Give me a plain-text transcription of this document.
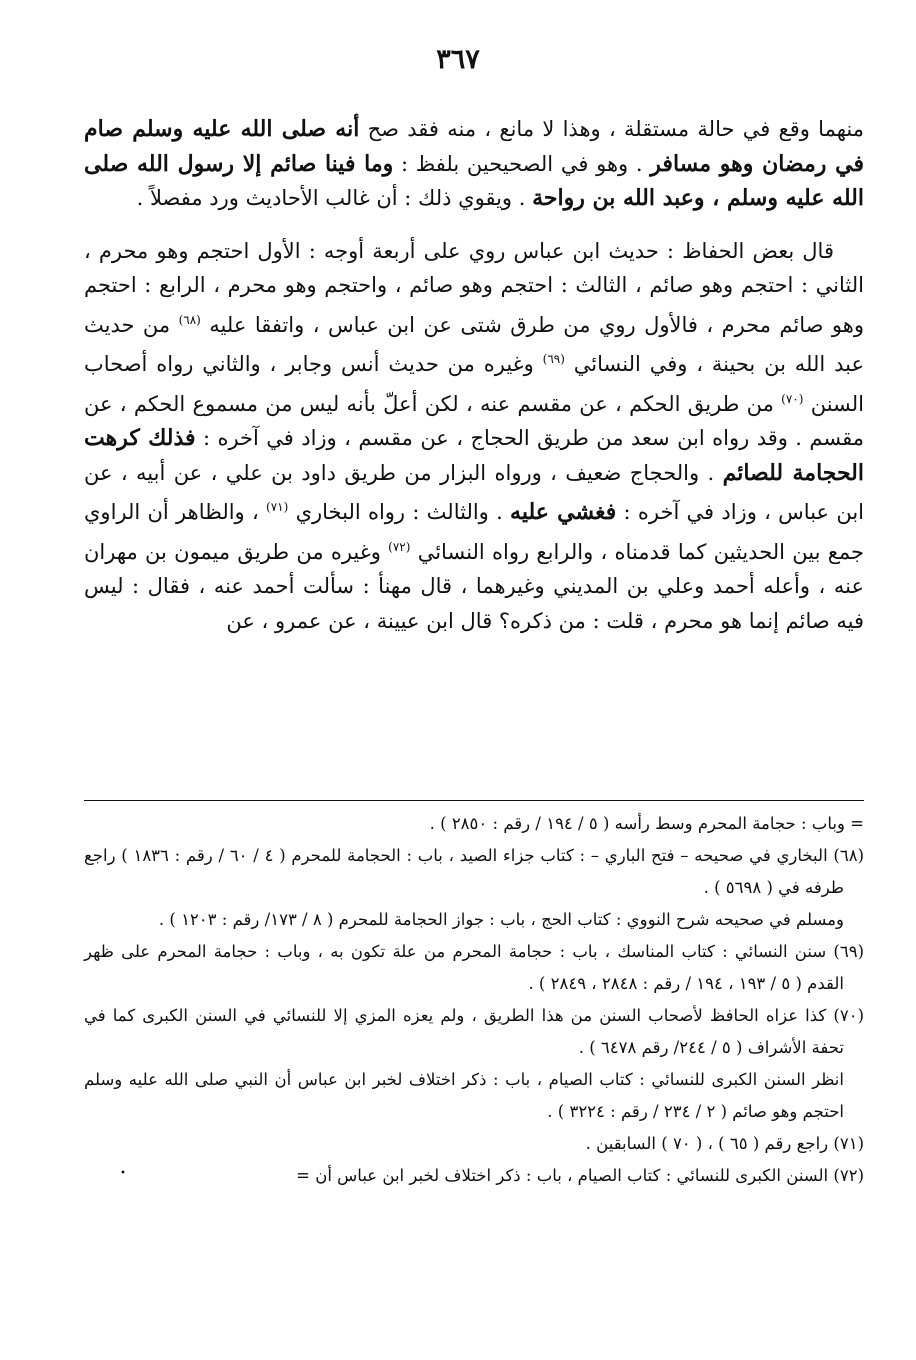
٣٦٧

منهما وقع في حالة مستقلة ، وهذا لا مانع ، منه فقد صح أنه صلى الله عليه وسلم صام في رمضان وهو مسافر . وهو في الصحيحين بلفظ : وما فينا صائم إلا رسول الله صلى الله عليه وسلم ، وعبد الله بن رواحة . ويقوي ذلك : أن غالب الأحاديث ورد مفصلاً .

قال بعض الحفاظ : حديث ابن عباس روي على أربعة أوجه : الأول احتجم وهو محرم ، الثاني : احتجم وهو صائم ، الثالث : احتجم وهو صائم ، واحتجم وهو محرم ، الرابع : احتجم وهو صائم محرم ، فالأول روي من طرق شتى عن ابن عباس ، واتفقا عليه $^{(٦٨)}$ من حديث عبد الله بن بحينة ، وفي النسائي $^{(٦٩)}$ وغيره من حديث أنس وجابر ، والثاني رواه أصحاب السنن $^{(٧٠)}$ من طريق الحكم ، عن مقسم عنه ، لكن أعلّ بأنه ليس من مسموع الحكم ، عن مقسم . وقد رواه ابن سعد من طريق الحجاج ، عن مقسم ، وزاد في آخره : فذلك كرهت الحجامة للصائم . والحجاج ضعيف ، ورواه البزار من طريق داود بن علي ، عن أبيه ، عن ابن عباس ، وزاد في آخره : فغشي عليه . والثالث : رواه البخاري $^{(٧١)}$ ، والظاهر أن الراوي جمع بين الحديثين كما قدمناه ، والرابع رواه النسائي $^{(٧٢)}$ وغيره من طريق ميمون بن مهران عنه ، وأعله أحمد وعلي بن المديني وغيرهما ، قال مهنأ : سألت أحمد عنه ، فقال : ليس فيه صائم إنما هو محرم ، قلت : من ذكره؟ قال ابن عيينة ، عن عمرو ، عن

= وباب : حجامة المحرم وسط رأسه ( ٥ / ١٩٤ / رقم : ٢٨٥٠ ) .

(٦٨) البخاري في صحيحه – فتح الباري – : كتاب جزاء الصيد ، باب : الحجامة للمحرم ( ٤ / ٦٠ / رقم : ١٨٣٦ ) راجع طرفه في ( ٥٦٩٨ ) .

ومسلم في صحيحه شرح النووي : كتاب الحج ، باب : جواز الحجامة للمحرم ( ٨ / ١٧٣/ رقم : ١٢٠٣ ) .

(٦٩) سنن النسائي : كتاب المناسك ، باب : حجامة المحرم من علة تكون به ، وباب : حجامة المحرم على ظهر القدم ( ٥ / ١٩٣ ، ١٩٤ / رقم : ٢٨٤٨ ، ٢٨٤٩ ) .

(٧٠) كذا عزاه الحافظ لأصحاب السنن من هذا الطريق ، ولم يعزه المزي إلا للنسائي في السنن الكبرى كما في تحفة الأشراف ( ٥ / ٢٤٤/ رقم ٦٤٧٨ ) .

انظر السنن الكبرى للنسائي : كتاب الصيام ، باب : ذكر اختلاف لخبر ابن عباس أن النبي صلى الله عليه وسلم احتجم وهو صائم ( ٢ / ٢٣٤ / رقم : ٣٢٢٤ ) .

(٧١) راجع رقم ( ٦٥ ) ، ( ٧٠ ) السابقين .

(٧٢) السنن الكبرى للنسائي : كتاب الصيام ، باب : ذكر اختلاف لخبر ابن عباس أن =

•
